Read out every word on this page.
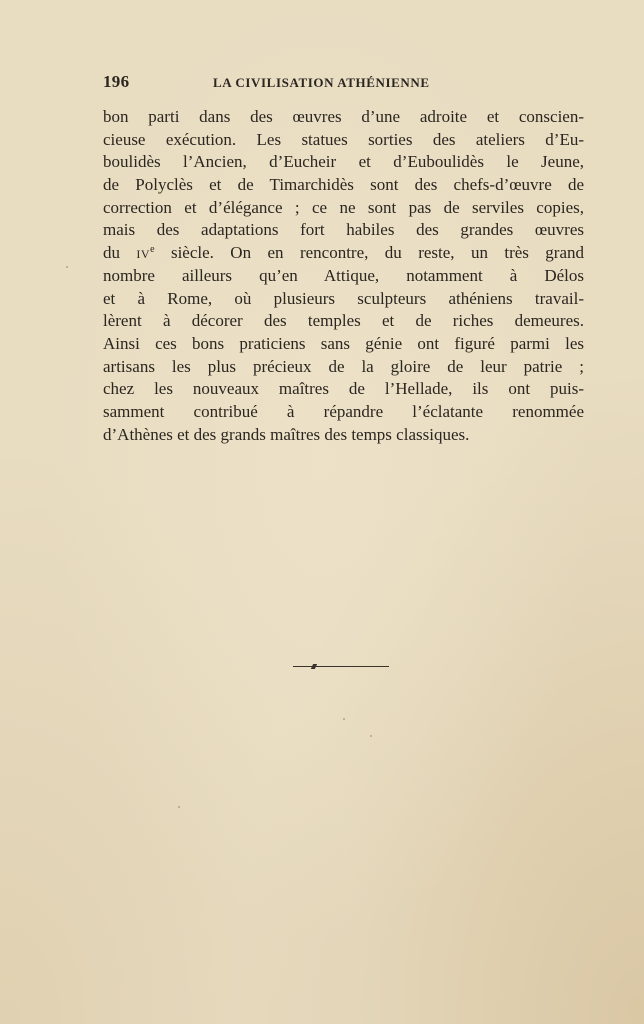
196	LA CIVILISATION ATHÉNIENNE
bon parti dans des œuvres d’une adroite et conscien-
cieuse exécution. Les statues sorties des ateliers d’Eu-
boulidès l’Ancien, d’Eucheir et d’Euboulidès le Jeune,
de Polyclès et de Timarchidès sont des chefs-d’œuvre de
correction et d’élégance ; ce ne sont pas de serviles copies,
mais des adaptations fort habiles des grandes œuvres
du IVe siècle. On en rencontre, du reste, un très grand
nombre ailleurs qu’en Attique, notamment à Délos
et à Rome, où plusieurs sculpteurs athéniens travail-
lèrent à décorer des temples et de riches demeures.
Ainsi ces bons praticiens sans génie ont figuré parmi les
artisans les plus précieux de la gloire de leur patrie ;
chez les nouveaux maîtres de l’Hellade, ils ont puis-
samment contribué à répandre l’éclatante renommée
d’Athènes et des grands maîtres des temps classiques.
